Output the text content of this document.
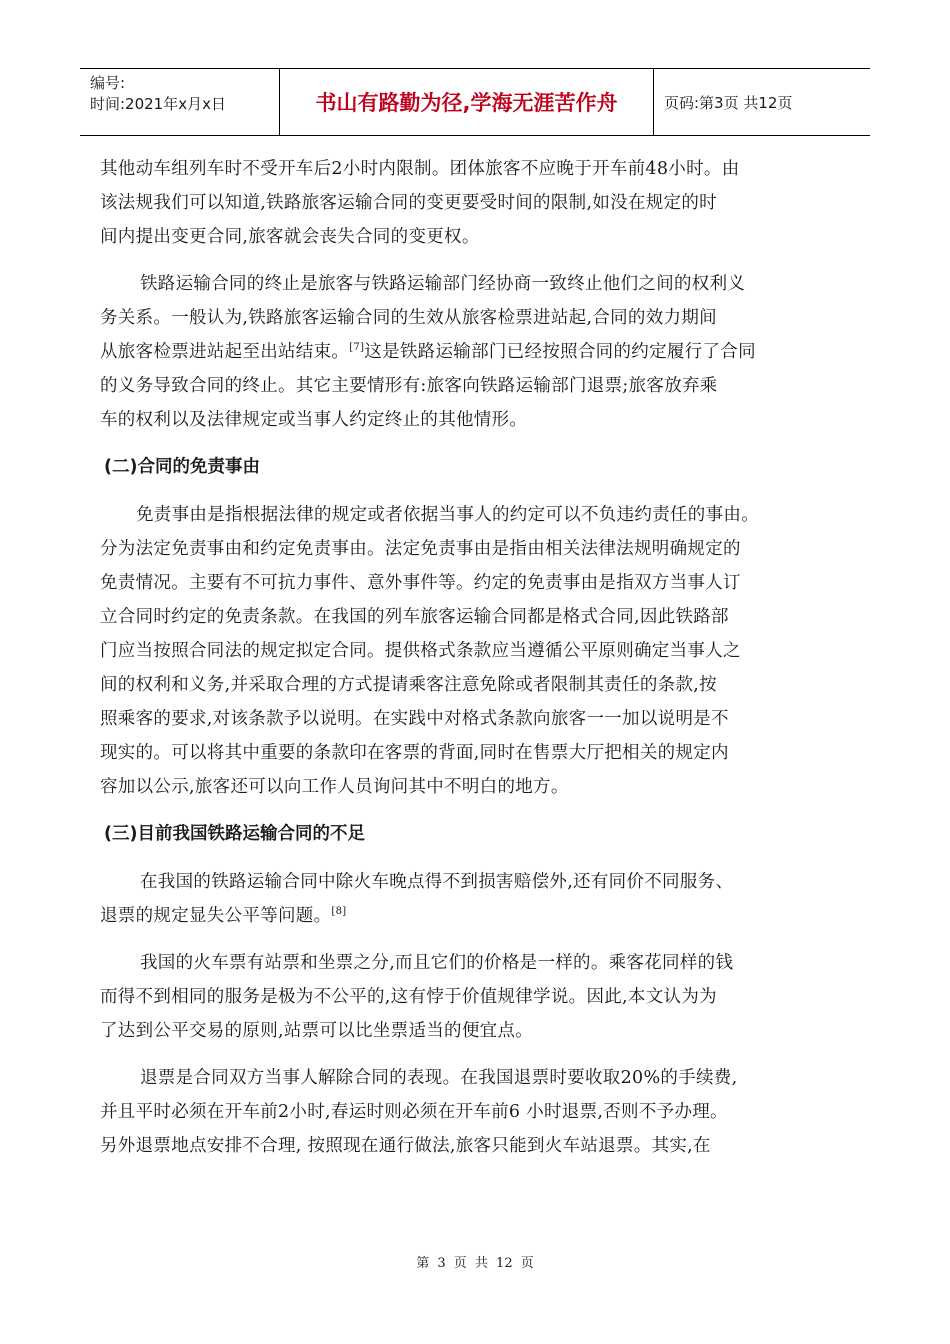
编号:
时间:2021年x月x日	书山有路勤为径,学海无涯苦作舟	页码:第3页 共12页

其他动车组列车时不受开车后2小时内限制。团体旅客不应晚于开车前48小时。由
该法规我们可以知道,铁路旅客运输合同的变更要受时间的限制,如没在规定的时
间内提出变更合同,旅客就会丧失合同的变更权。

铁路运输合同的终止是旅客与铁路运输部门经协商一致终止他们之间的权利义
务关系。一般认为,铁路旅客运输合同的生效从旅客检票进站起,合同的效力期间
从旅客检票进站起至出站结束。[7]这是铁路运输部门已经按照合同的约定履行了合同
的义务导致合同的终止。其它主要情形有:旅客向铁路运输部门退票;旅客放弃乘
车的权利以及法律规定或当事人约定终止的其他情形。

(二)合同的免责事由

免责事由是指根据法律的规定或者依据当事人的约定可以不负违约责任的事由。
分为法定免责事由和约定免责事由。法定免责事由是指由相关法律法规明确规定的
免责情况。主要有不可抗力事件、意外事件等。约定的免责事由是指双方当事人订
立合同时约定的免责条款。在我国的列车旅客运输合同都是格式合同,因此铁路部
门应当按照合同法的规定拟定合同。提供格式条款应当遵循公平原则确定当事人之
间的权利和义务,并采取合理的方式提请乘客注意免除或者限制其责任的条款,按
照乘客的要求,对该条款予以说明。在实践中对格式条款向旅客一一加以说明是不
现实的。可以将其中重要的条款印在客票的背面,同时在售票大厅把相关的规定内
容加以公示,旅客还可以向工作人员询问其中不明白的地方。

(三)目前我国铁路运输合同的不足

在我国的铁路运输合同中除火车晚点得不到损害赔偿外,还有同价不同服务、
退票的规定显失公平等问题。[8]

我国的火车票有站票和坐票之分,而且它们的价格是一样的。乘客花同样的钱
而得不到相同的服务是极为不公平的,这有悖于价值规律学说。因此,本文认为为
了达到公平交易的原则,站票可以比坐票适当的便宜点。

退票是合同双方当事人解除合同的表现。在我国退票时要收取20%的手续费,
并且平时必须在开车前2小时,春运时则必须在开车前6 小时退票,否则不予办理。
另外退票地点安排不合理, 按照现在通行做法,旅客只能到火车站退票。其实,在

第 3 页 共 12 页
